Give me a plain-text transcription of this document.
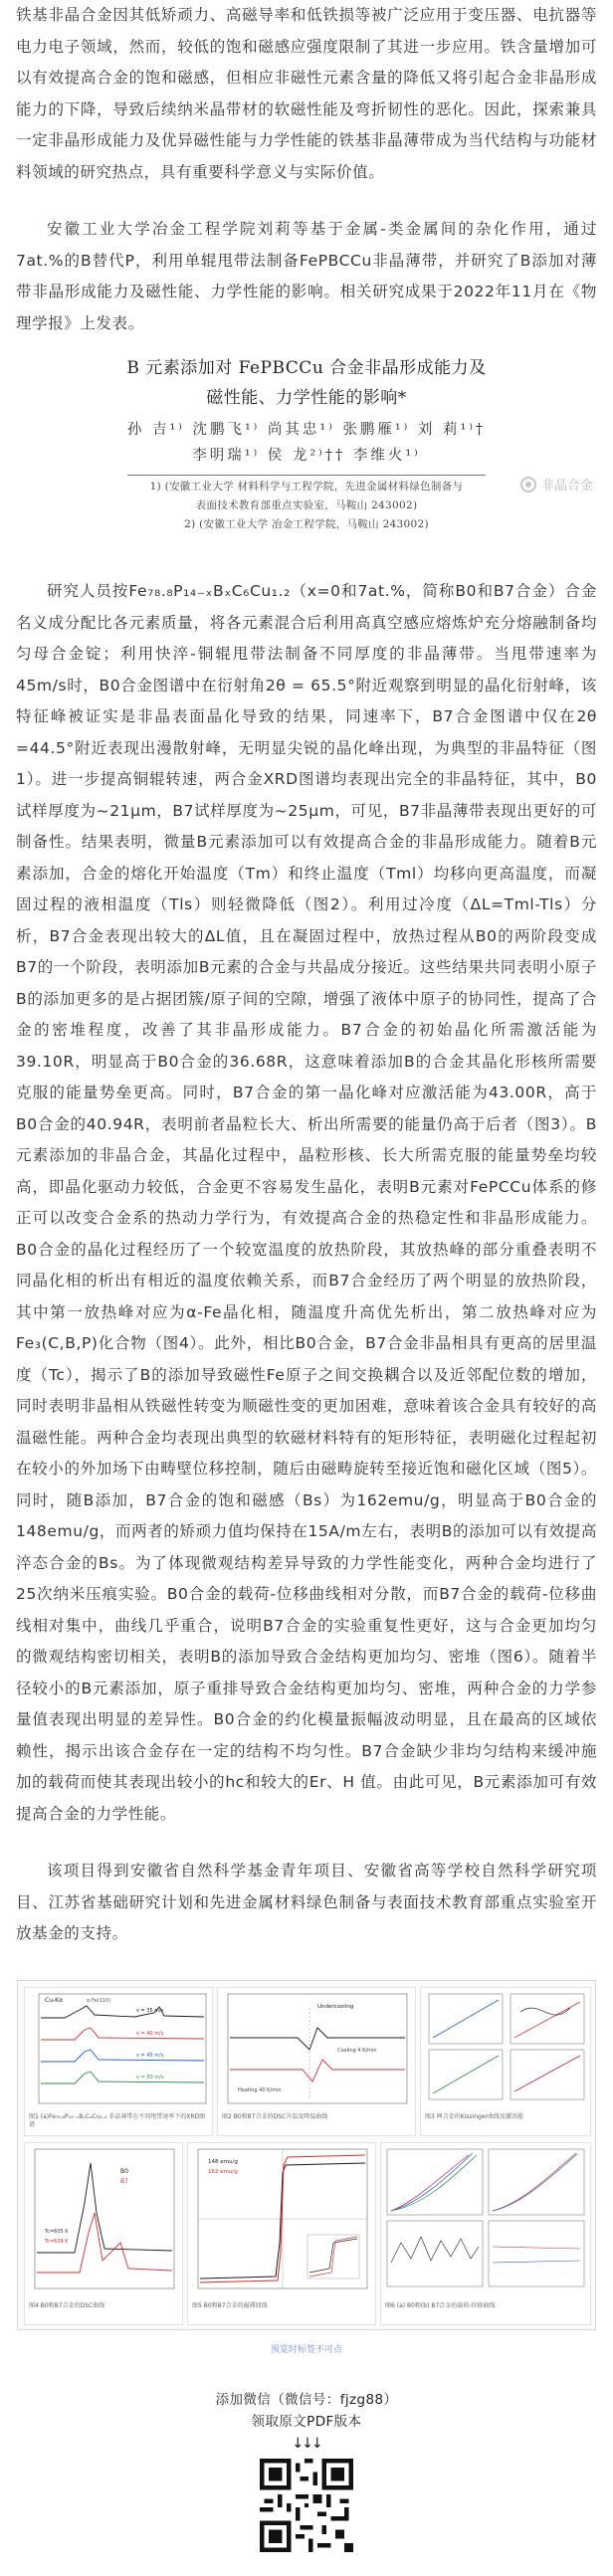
铁基非晶合金因其低矫顽力、高磁导率和低铁损等被广泛应用于变压器、电抗器等电力电子领域，然而，较低的饱和磁感应强度限制了其进一步应用。铁含量增加可以有效提高合金的饱和磁感，但相应非磁性元素含量的降低又将引起合金非晶形成能力的下降，导致后续纳米晶带材的软磁性能及弯折韧性的恶化。因此，探索兼具一定非晶形成能力及优异磁性能与力学性能的铁基非晶薄带成为当代结构与功能材料领域的研究热点，具有重要科学意义与实际价值。

安徽工业大学冶金工程学院刘莉等基于金属-类金属间的杂化作用，通过7at.%的B替代P，利用单辊甩带法制备FePBCCu非晶薄带，并研究了B添加对薄带非晶形成能力及磁性能、力学性能的影响。相关研究成果于2022年11月在《物理学报》上发表。

B 元素添加对 FePBCCu 合金非晶形成能力及
磁性能、力学性能的影响*
孙 吉¹⁾ 沈鹏飞¹⁾ 尚其忠¹⁾ 张鹏雁¹⁾ 刘 莉¹⁾†
李明瑞¹⁾ 侯 龙²⁾†† 李维火¹⁾
1) (安徽工业大学 材料科学与工程学院，先进金属材料绿色制备与
表面技术教育部重点实验室，马鞍山 243002)
2) (安徽工业大学 冶金工程学院，马鞍山 243002)
非晶合金

研究人员按Fe₇₈.₈P₁₄₋ₓBₓC₆Cu₁.₂（x=0和7at.%，简称B0和B7合金）合金名义成分配比各元素质量，将各元素混合后利用高真空感应熔炼炉充分熔融制备均匀母合金锭；利用快淬-铜辊甩带法制备不同厚度的非晶薄带。当甩带速率为45m/s时，B0合金图谱中在衍射角2θ = 65.5°附近观察到明显的晶化衍射峰，该特征峰被证实是非晶表面晶化导致的结果，同速率下，B7合金图谱中仅在2θ =44.5°附近表现出漫散射峰，无明显尖锐的晶化峰出现，为典型的非晶特征（图1）。进一步提高铜辊转速，两合金XRD图谱均表现出完全的非晶特征，其中，B0试样厚度为~21μm，B7试样厚度为~25μm，可见，B7非晶薄带表现出更好的可制备性。结果表明，微量B元素添加可以有效提高合金的非晶形成能力。随着B元素添加，合金的熔化开始温度（Tm）和终止温度（Tml）均移向更高温度，而凝固过程的液相温度（Tls）则轻微降低（图2）。利用过冷度（ΔL=Tml-Tls）分析，B7合金表现出较大的ΔL值，且在凝固过程中，放热过程从B0的两阶段变成 B7的一个阶段，表明添加B元素的合金与共晶成分接近。这些结果共同表明小原子B的添加更多的是占据团簇/原子间的空隙，增强了液体中原子的协同性，提高了合金的密堆程度，改善了其非晶形成能力。B7合金的初始晶化所需激活能为39.10R，明显高于B0合金的36.68R，这意味着添加B的合金其晶化形核所需要克服的能量势垒更高。同时，B7合金的第一晶化峰对应激活能为43.00R，高于B0合金的40.94R，表明前者晶粒长大、析出所需要的能量仍高于后者（图3）。B元素添加的非晶合金，其晶化过程中，晶粒形核、长大所需克服的能量势垒均较高，即晶化驱动力较低，合金更不容易发生晶化，表明B元素对FePCCu体系的修正可以改变合金系的热动力学行为，有效提高合金的热稳定性和非晶形成能力。B0合金的晶化过程经历了一个较宽温度的放热阶段，其放热峰的部分重叠表明不同晶化相的析出有相近的温度依赖关系，而B7合金经历了两个明显的放热阶段，其中第一放热峰对应为α-Fe晶化相，随温度升高优先析出，第二放热峰对应为Fe₃(C,B,P)化合物（图4）。此外，相比B0合金，B7合金非晶相具有更高的居里温度（Tc），揭示了B的添加导致磁性Fe原子之间交换耦合以及近邻配位数的增加，同时表明非晶相从铁磁性转变为顺磁性变的更加困难，意味着该合金具有较好的高温磁性能。两种合金均表现出典型的软磁材料特有的矩形特征，表明磁化过程起初在较小的外加场下由畴壁位移控制，随后由磁畴旋转至接近饱和磁化区域（图5）。同时，随B添加，B7合金的饱和磁感（Bs）为162emu/g，明显高于B0合金的148emu/g，而两者的矫顽力值均保持在15A/m左右，表明B的添加可以有效提高淬态合金的Bs。为了体现微观结构差异导致的力学性能变化，两种合金均进行了25次纳米压痕实验。B0合金的载荷-位移曲线相对分散，而B7合金的载荷-位移曲线相对集中，曲线几乎重合，说明B7合金的实验重复性更好，这与合金更加均匀的微观结构密切相关，表明B的添加导致合金结构更加均匀、密堆（图6）。随着半径较小的B元素添加，原子重排导致合金结构更加均匀、密堆，两种合金的力学参量值表现出明显的差异性。B0合金的约化模量振幅波动明显，且在最高的区域依赖性，揭示出该合金存在一定的结构不均匀性。B7合金缺少非均匀结构来缓冲施加的载荷而使其表现出较小的hc和较大的Er、H 值。由此可见，B元素添加可有效提高合金的力学性能。

该项目得到安徽省自然科学基金青年项目、安徽省高等学校自然科学研究项目、江苏省基础研究计划和先进金属材料绿色制备与表面技术教育部重点实验室开放基金的支持。

Cu-Kα
v = 35 m/s
v = 40 m/s
v = 45 m/s
v = 50 m/s
α-Fe(110)
图1 (a)Fe₇₈.₈P₁₄₋ₓBₓC₆Cu₁.₂ 非晶薄带在不同甩带速率下的XRD图谱
Undercooling
Cooling 4 K/min
Heating 40 K/min
图2 B0和B7合金的DSC升温及降温曲线	图3 两合金的Kissinger曲线及激活能
B0
B7
Tc=605 K
Tc=639 K
图4 B0和B7合金的DSC曲线
148 emu/g
162 emu/g
图5 B0和B7合金的磁滞回线	图6 (a) B0和(b) B7合金的载荷-位移曲线
预览时标签不可点
添加微信（微信号：fjzg88）
领取原文PDF版本
↓↓↓
